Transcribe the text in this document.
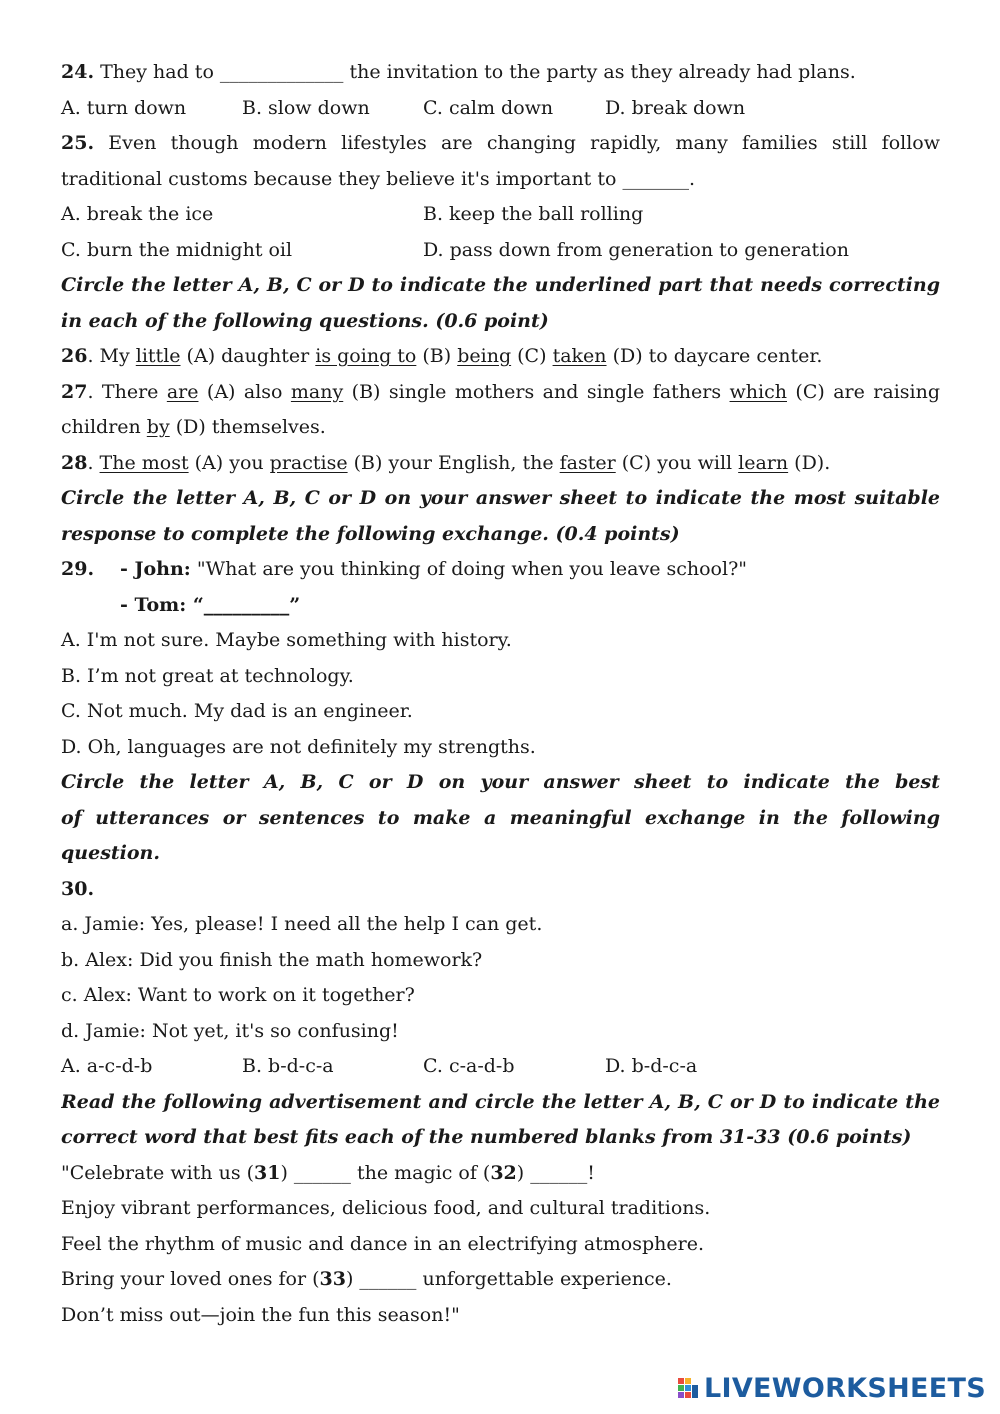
24. They had to _____________ the invitation to the party as they already had plans.
A. turn down	B. slow down	C. calm down	D. break down
25. Even though modern lifestyles are changing rapidly, many families still follow
traditional customs because they believe it's important to _______.
A. break the ice	B. keep the ball rolling
C. burn the midnight oil	D. pass down from generation to generation
Circle the letter A, B, C or D to indicate the underlined part that needs correcting
in each of the following questions. (0.6 point)
26. My little (A) daughter is going to (B) being (C) taken (D) to daycare center.
27. There are (A) also many (B) single mothers and single fathers which (C) are raising
children by (D) themselves.
28. The most (A) you practise (B) your English, the faster (C) you will learn (D).
Circle the letter A, B, C or D on your answer sheet to indicate the most suitable
response to complete the following exchange. (0.4 points)
29. - John: "What are you thinking of doing when you leave school?"
- Tom: “_________”
A. I'm not sure. Maybe something with history.
B. I’m not great at technology.
C. Not much. My dad is an engineer.
D. Oh, languages are not definitely my strengths.
Circle the letter A, B, C or D on your answer sheet to indicate the best
of utterances or sentences to make a meaningful exchange in the following
question.
30.
a. Jamie: Yes, please! I need all the help I can get.
b. Alex: Did you finish the math homework?
c. Alex: Want to work on it together?
d. Jamie: Not yet, it's so confusing!
A. a-c-d-b	B. b-d-c-a	C. c-a-d-b	D. b-d-c-a
Read the following advertisement and circle the letter A, B, C or D to indicate the
correct word that best fits each of the numbered blanks from 31-33 (0.6 points)
"Celebrate with us (31) ______ the magic of (32) ______!
Enjoy vibrant performances, delicious food, and cultural traditions.
Feel the rhythm of music and dance in an electrifying atmosphere.
Bring your loved ones for (33) ______ unforgettable experience.
Don’t miss out—join the fun this season!"
LIVEWORKSHEETS
